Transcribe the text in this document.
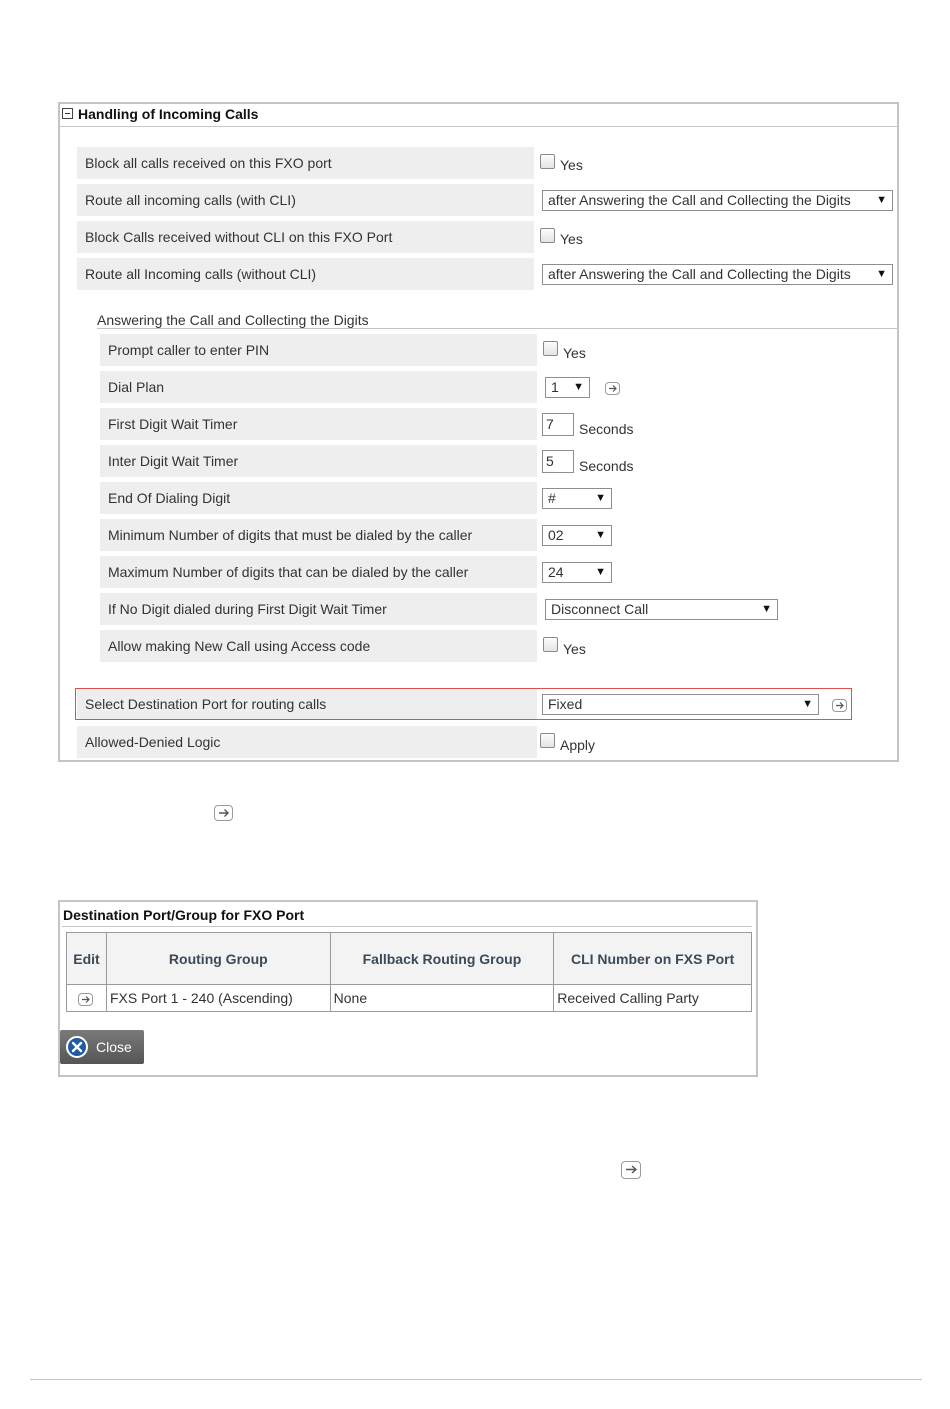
Handling of Incoming Calls
Block all calls received on this FXO port	Yes
Route all incoming calls (with CLI)	after Answering the Call and Collecting the Digits ▼
Block Calls received without CLI on this FXO Port	Yes
Route all Incoming calls (without CLI)	after Answering the Call and Collecting the Digits ▼
Answering the Call and Collecting the Digits
Prompt caller to enter PIN	Yes
Dial Plan	1 ▼
First Digit Wait Timer	7	Seconds
Inter Digit Wait Timer	5	Seconds
End Of Dialing Digit	#	▼
Minimum Number of digits that must be dialed by the caller	02	▼
Maximum Number of digits that can be dialed by the caller	24	▼
If No Digit dialed during First Digit Wait Timer	Disconnect Call	▼
Allow making New Call using Access code	Yes
Select Destination Port for routing calls	Fixed	▼
Allowed-Denied Logic	Apply
Destination Port/Group for FXO Port
Edit	Routing Group	Fallback Routing Group	CLI Number on FXS Port

	FXS Port 1 - 240 (Ascending)	None	Received Calling Party
Close
